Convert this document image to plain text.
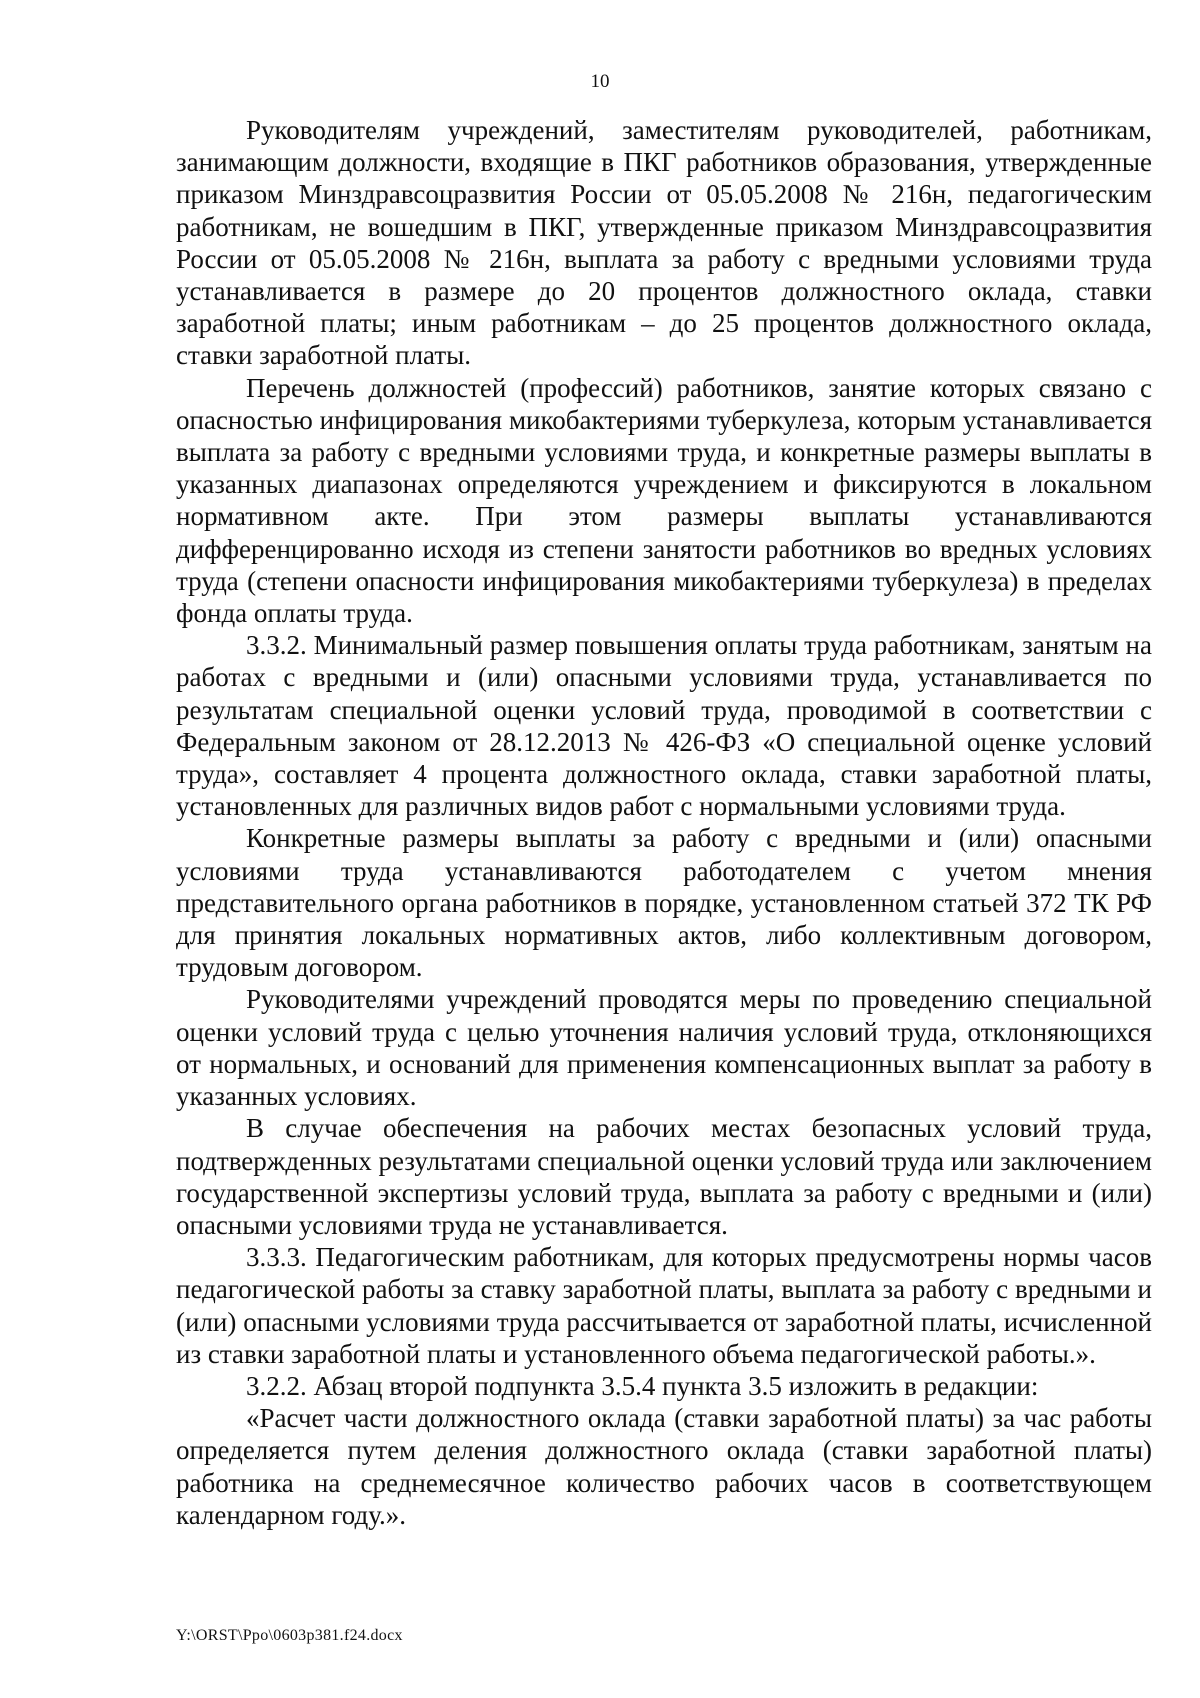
10

Руководителям учреждений, заместителям руководителей, работникам, занимающим должности, входящие в ПКГ работников образования, утвержденные приказом Минздравсоцразвития России от 05.05.2008 № 216н, педагогическим работникам, не вошедшим в ПКГ, утвержденные приказом Минздравсоцразвития России от 05.05.2008 № 216н, выплата за работу с вредными условиями труда устанавливается в размере до 20 процентов должностного оклада, ставки заработной платы; иным работникам – до 25 процентов должностного оклада, ставки заработной платы.

Перечень должностей (профессий) работников, занятие которых связано с опасностью инфицирования микобактериями туберкулеза, которым устанавливается выплата за работу с вредными условиями труда, и конкретные размеры выплаты в указанных диапазонах определяются учреждением и фиксируются в локальном нормативном акте. При этом размеры выплаты устанавливаются дифференцированно исходя из степени занятости работников во вредных условиях труда (степени опасности инфицирования микобактериями туберкулеза) в пределах фонда оплаты труда.

3.3.2. Минимальный размер повышения оплаты труда работникам, занятым на работах с вредными и (или) опасными условиями труда, устанавливается по результатам специальной оценки условий труда, проводимой в соответствии с Федеральным законом от 28.12.2013 № 426-ФЗ «О специальной оценке условий труда», составляет 4 процента должностного оклада, ставки заработной платы, установленных для различных видов работ с нормальными условиями труда.

Конкретные размеры выплаты за работу с вредными и (или) опасными условиями труда устанавливаются работодателем с учетом мнения представительного органа работников в порядке, установленном статьей 372 ТК РФ для принятия локальных нормативных актов, либо коллективным договором, трудовым договором.

Руководителями учреждений проводятся меры по проведению специальной оценки условий труда с целью уточнения наличия условий труда, отклоняющихся от нормальных, и оснований для применения компенсационных выплат за работу в указанных условиях.

В случае обеспечения на рабочих местах безопасных условий труда, подтвержденных результатами специальной оценки условий труда или заключением государственной экспертизы условий труда, выплата за работу с вредными и (или) опасными условиями труда не устанавливается.

3.3.3. Педагогическим работникам, для которых предусмотрены нормы часов педагогической работы за ставку заработной платы, выплата за работу с вредными и (или) опасными условиями труда рассчитывается от заработной платы, исчисленной из ставки заработной платы и установленного объема педагогической работы.».

3.2.2. Абзац второй подпункта 3.5.4 пункта 3.5 изложить в редакции:

«Расчет части должностного оклада (ставки заработной платы) за час работы определяется путем деления должностного оклада (ставки заработной платы) работника на среднемесячное количество рабочих часов в соответствующем календарном году.».

Y:\ORST\Ppo\0603p381.f24.docx
